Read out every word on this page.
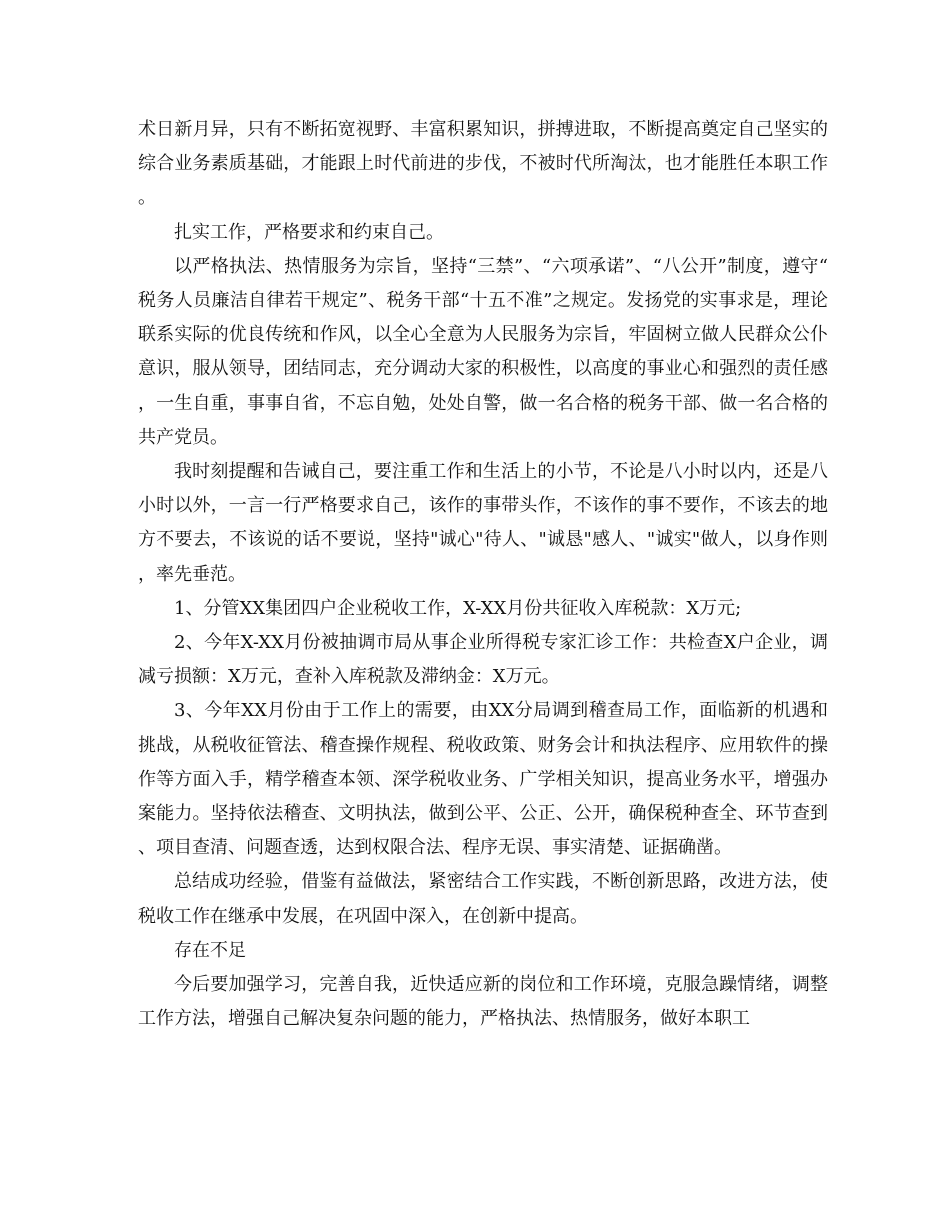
术日新月异，只有不断拓宽视野、丰富积累知识，拼搏进取，不断提高奠定自己坚实的综合业务素质基础，才能跟上时代前进的步伐，不被时代所淘汰，也才能胜任本职工作。

扎实工作，严格要求和约束自己。

以严格执法、热情服务为宗旨，坚持“三禁”、“六项承诺”、“八公开”制度，遵守“税务人员廉洁自律若干规定”、税务干部“十五不准”之规定。发扬党的实事求是，理论联系实际的优良传统和作风，以全心全意为人民服务为宗旨，牢固树立做人民群众公仆意识，服从领导，团结同志，充分调动大家的积极性，以高度的事业心和强烈的责任感，一生自重，事事自省，不忘自勉，处处自警，做一名合格的税务干部、做一名合格的共产党员。

我时刻提醒和告诫自己，要注重工作和生活上的小节，不论是八小时以内，还是八小时以外，一言一行严格要求自己，该作的事带头作，不该作的事不要作，不该去的地方不要去，不该说的话不要说，坚持"诚心"待人、"诚恳"感人、"诚实"做人，以身作则，率先垂范。

1、分管XX集团四户企业税收工作，X-XX月份共征收入库税款：X万元;

2、今年X-XX月份被抽调市局从事企业所得税专家汇诊工作：共检查X户企业，调减亏损额：X万元，查补入库税款及滞纳金：X万元。

3、今年XX月份由于工作上的需要，由XX分局调到稽查局工作，面临新的机遇和挑战，从税收征管法、稽查操作规程、税收政策、财务会计和执法程序、应用软件的操作等方面入手，精学稽查本领、深学税收业务、广学相关知识，提高业务水平，增强办案能力。坚持依法稽查、文明执法，做到公平、公正、公开，确保税种查全、环节查到、项目查清、问题查透，达到权限合法、程序无误、事实清楚、证据确凿。

总结成功经验，借鉴有益做法，紧密结合工作实践，不断创新思路，改进方法，使税收工作在继承中发展，在巩固中深入，在创新中提高。

存在不足

今后要加强学习，完善自我，近快适应新的岗位和工作环境，克服急躁情绪，调整工作方法，增强自己解决复杂问题的能力，严格执法、热情服务，做好本职工
